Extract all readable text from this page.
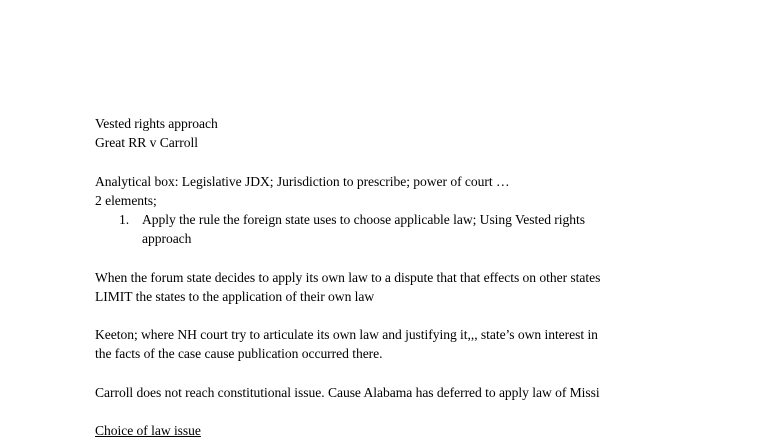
Vested rights approach
Great RR v Carroll
Analytical box: Legislative JDX; Jurisdiction to prescribe; power of court …
2 elements;
1. Apply the rule the foreign state uses to choose applicable law; Using Vested rights
approach
When the forum state decides to apply its own law to a dispute that that effects on other states
LIMIT the states to the application of their own law
Keeton; where NH court try to articulate its own law and justifying it,,, state’s own interest in
the facts of the case cause publication occurred there.
Carroll does not reach constitutional issue. Cause Alabama has deferred to apply law of Missi
Choice of law issue
